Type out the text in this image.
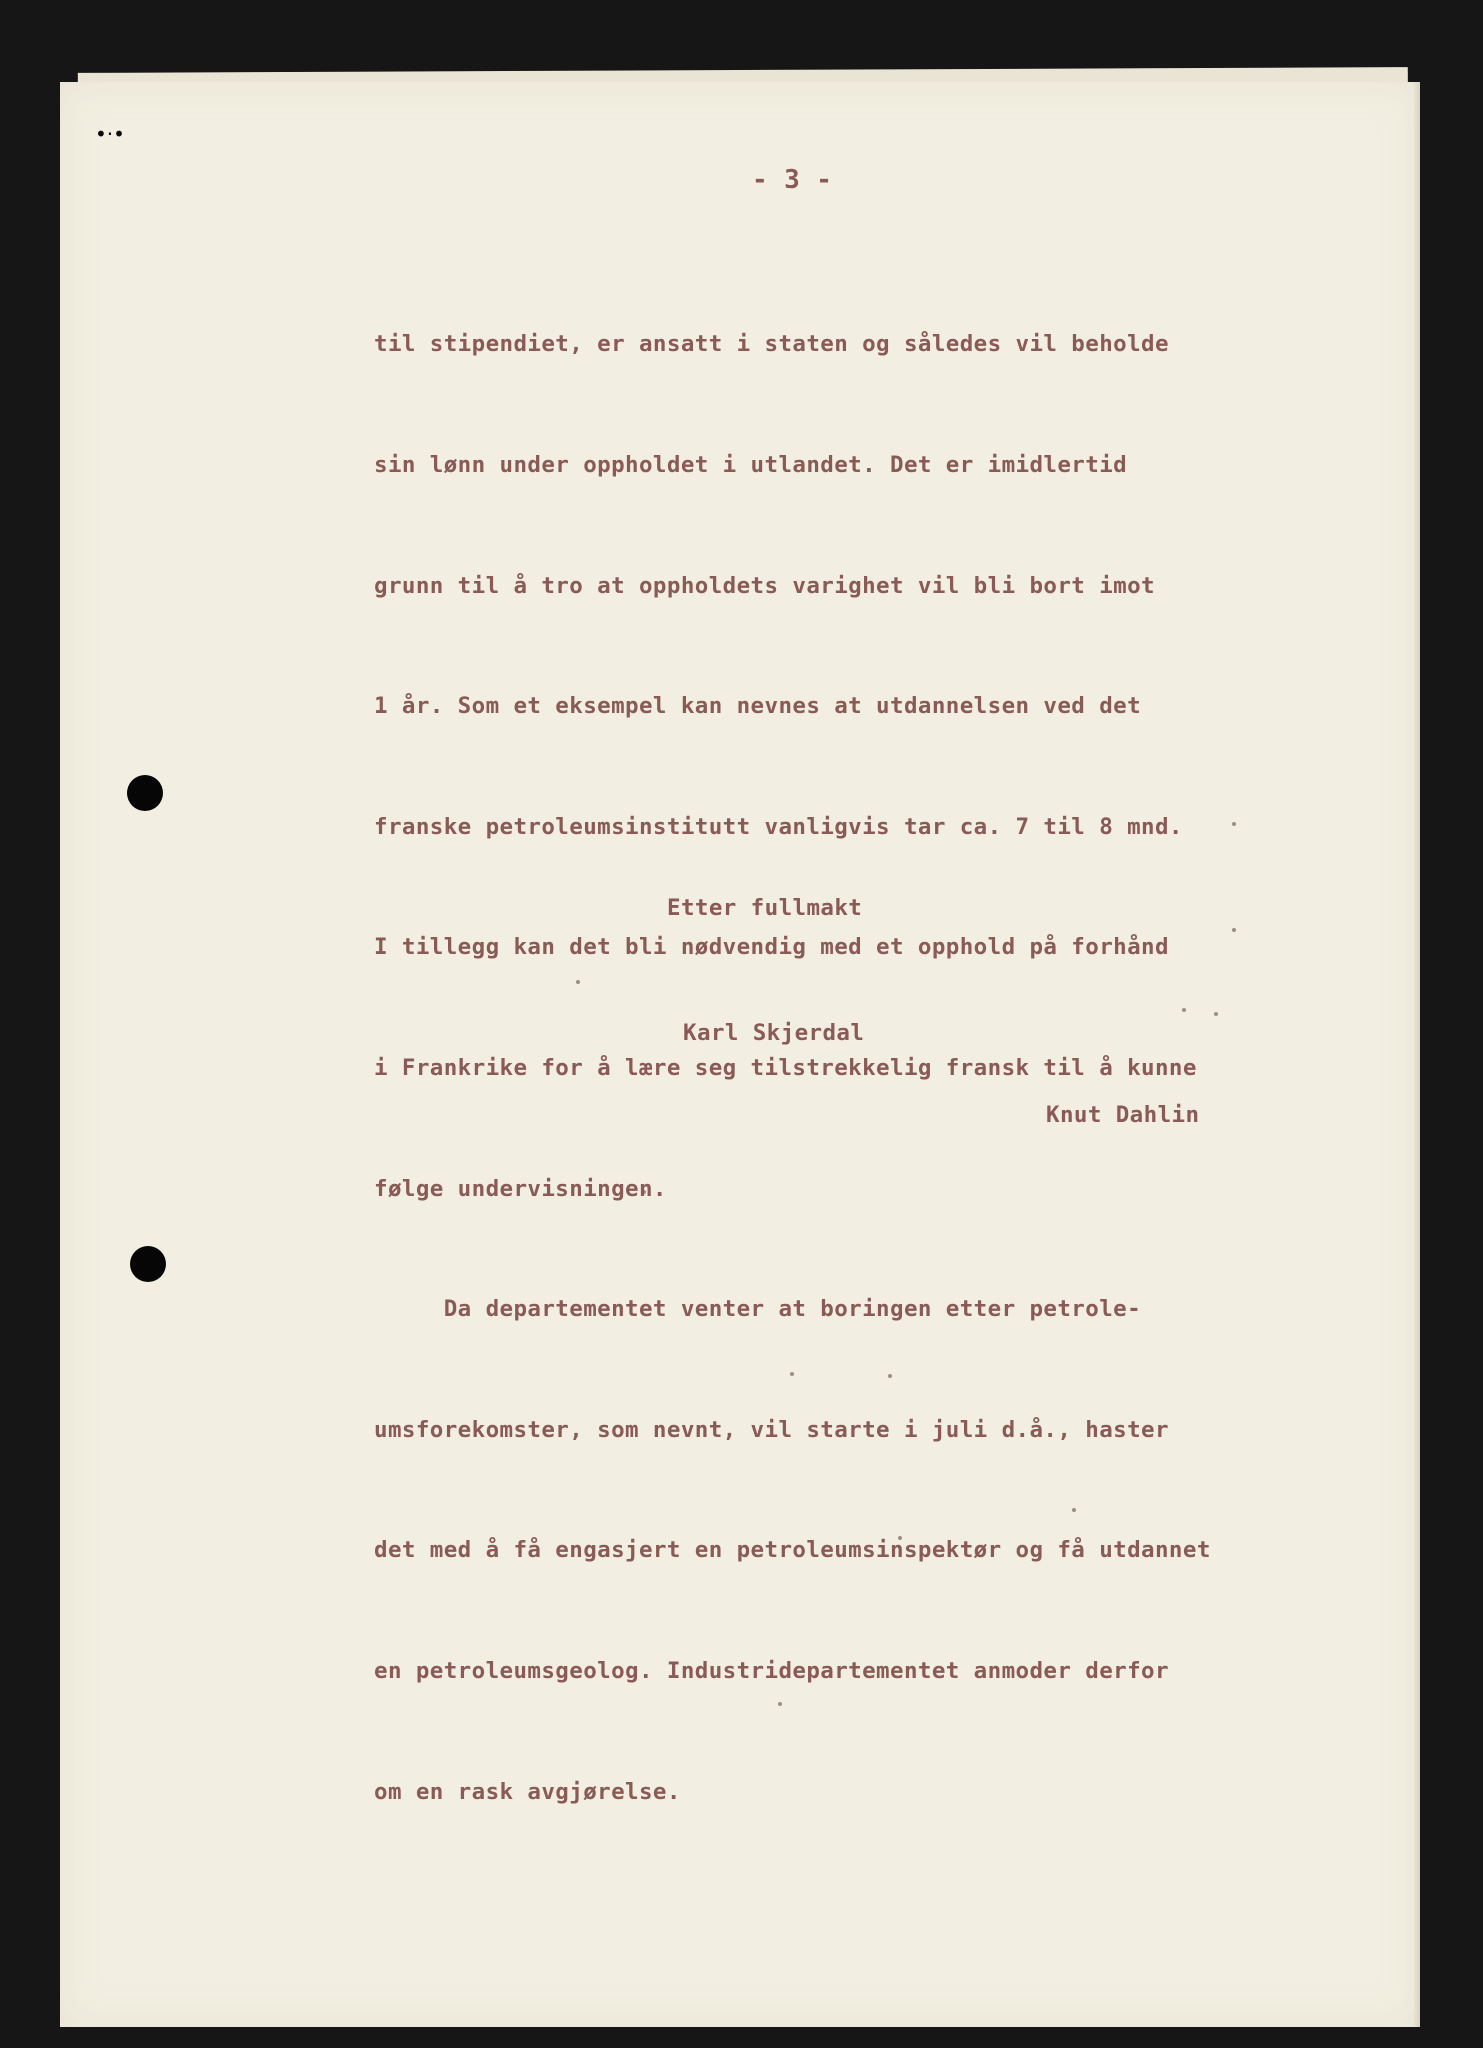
•·•
- 3 -

til stipendiet, er ansatt i staten og således vil beholde

sin lønn under oppholdet i utlandet. Det er imidlertid

grunn til å tro at oppholdets varighet vil bli bort imot

1 år. Som et eksempel kan nevnes at utdannelsen ved det

franske petroleumsinstitutt vanligvis tar ca. 7 til 8 mnd.

I tillegg kan det bli nødvendig med et opphold på forhånd

i Frankrike for å lære seg tilstrekkelig fransk til å kunne

følge undervisningen.

Da departementet venter at boringen etter petrole-

umsforekomster, som nevnt, vil starte i juli d.å., haster

det med å få engasjert en petroleumsinspektør og få utdannet

en petroleumsgeolog. Industridepartementet anmoder derfor

om en rask avgjørelse.

Etter fullmakt
Karl Skjerdal
Knut Dahlin
